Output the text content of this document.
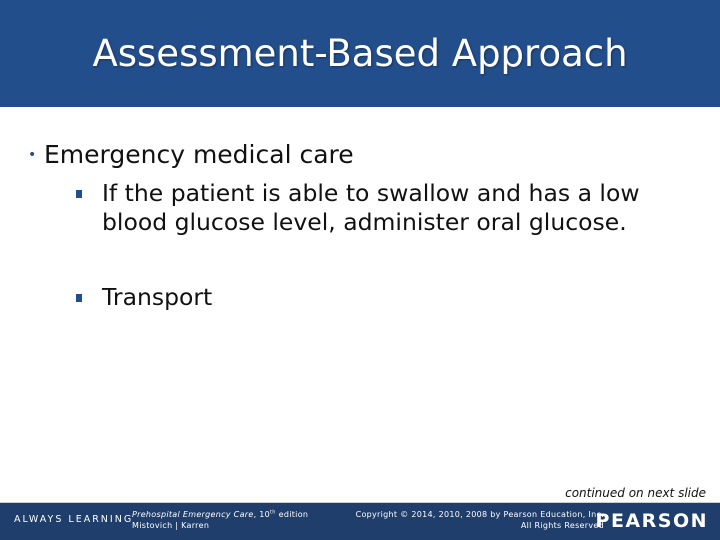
Assessment-Based Approach
• Emergency medical care
If the patient is able to swallow and has a low blood glucose level, administer oral glucose.
Transport
continued on next slide
ALWAYS LEARNING
Prehospital Emergency Care, 10th edition
Mistovich | Karren
Copyright © 2014, 2010, 2008 by Pearson Education, Inc.
All Rights Reserved
PEARSON
